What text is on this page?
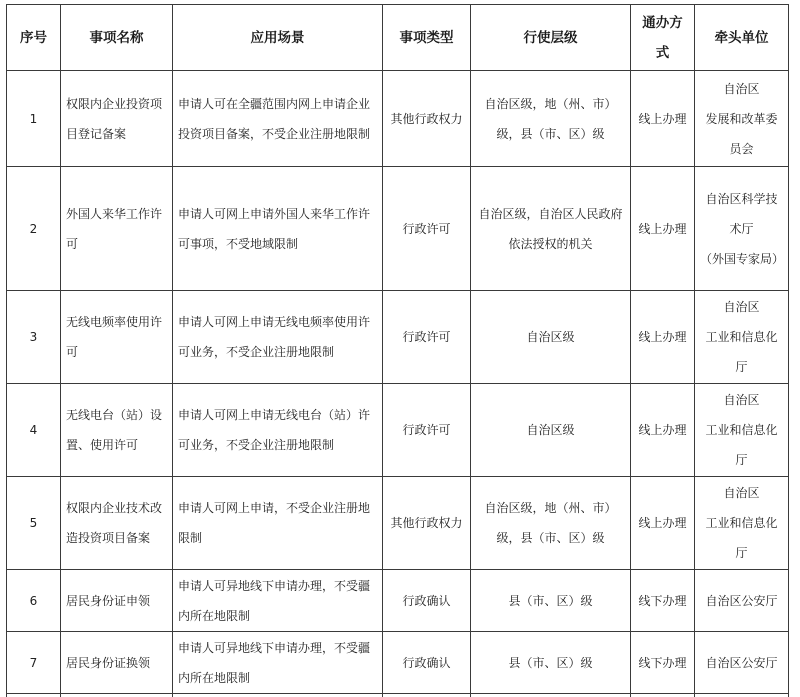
序号	事项名称	应用场景	事项类型	行使层级	通办方式	牵头单位
1	权限内企业投资项目登记备案	申请人可在全疆范围内网上申请企业投资项目备案，不受企业注册地限制	其他行政权力	自治区级，地（州、市）级，县（市、区）级	线上办理	自治区
发展和改革委员会
2	外国人来华工作许可	申请人可网上申请外国人来华工作许可事项，不受地域限制	行政许可	自治区级，自治区人民政府依法授权的机关	线上办理	自治区科学技术厅
（外国专家局）
3	无线电频率使用许可	申请人可网上申请无线电频率使用许可业务，不受企业注册地限制	行政许可	自治区级	线上办理	自治区
工业和信息化厅
4	无线电台（站）设置、使用许可	申请人可网上申请无线电台（站）许可业务，不受企业注册地限制	行政许可	自治区级	线上办理	自治区
工业和信息化厅
5	权限内企业技术改造投资项目备案	申请人可网上申请，不受企业注册地限制	其他行政权力	自治区级，地（州、市）级，县（市、区）级	线上办理	自治区
工业和信息化厅
6	居民身份证申领	申请人可异地线下申请办理，不受疆内所在地限制	行政确认	县（市、区）级	线下办理	自治区公安厅
7	居民身份证换领	申请人可异地线下申请办理，不受疆内所在地限制	行政确认	县（市、区）级	线下办理	自治区公安厅
